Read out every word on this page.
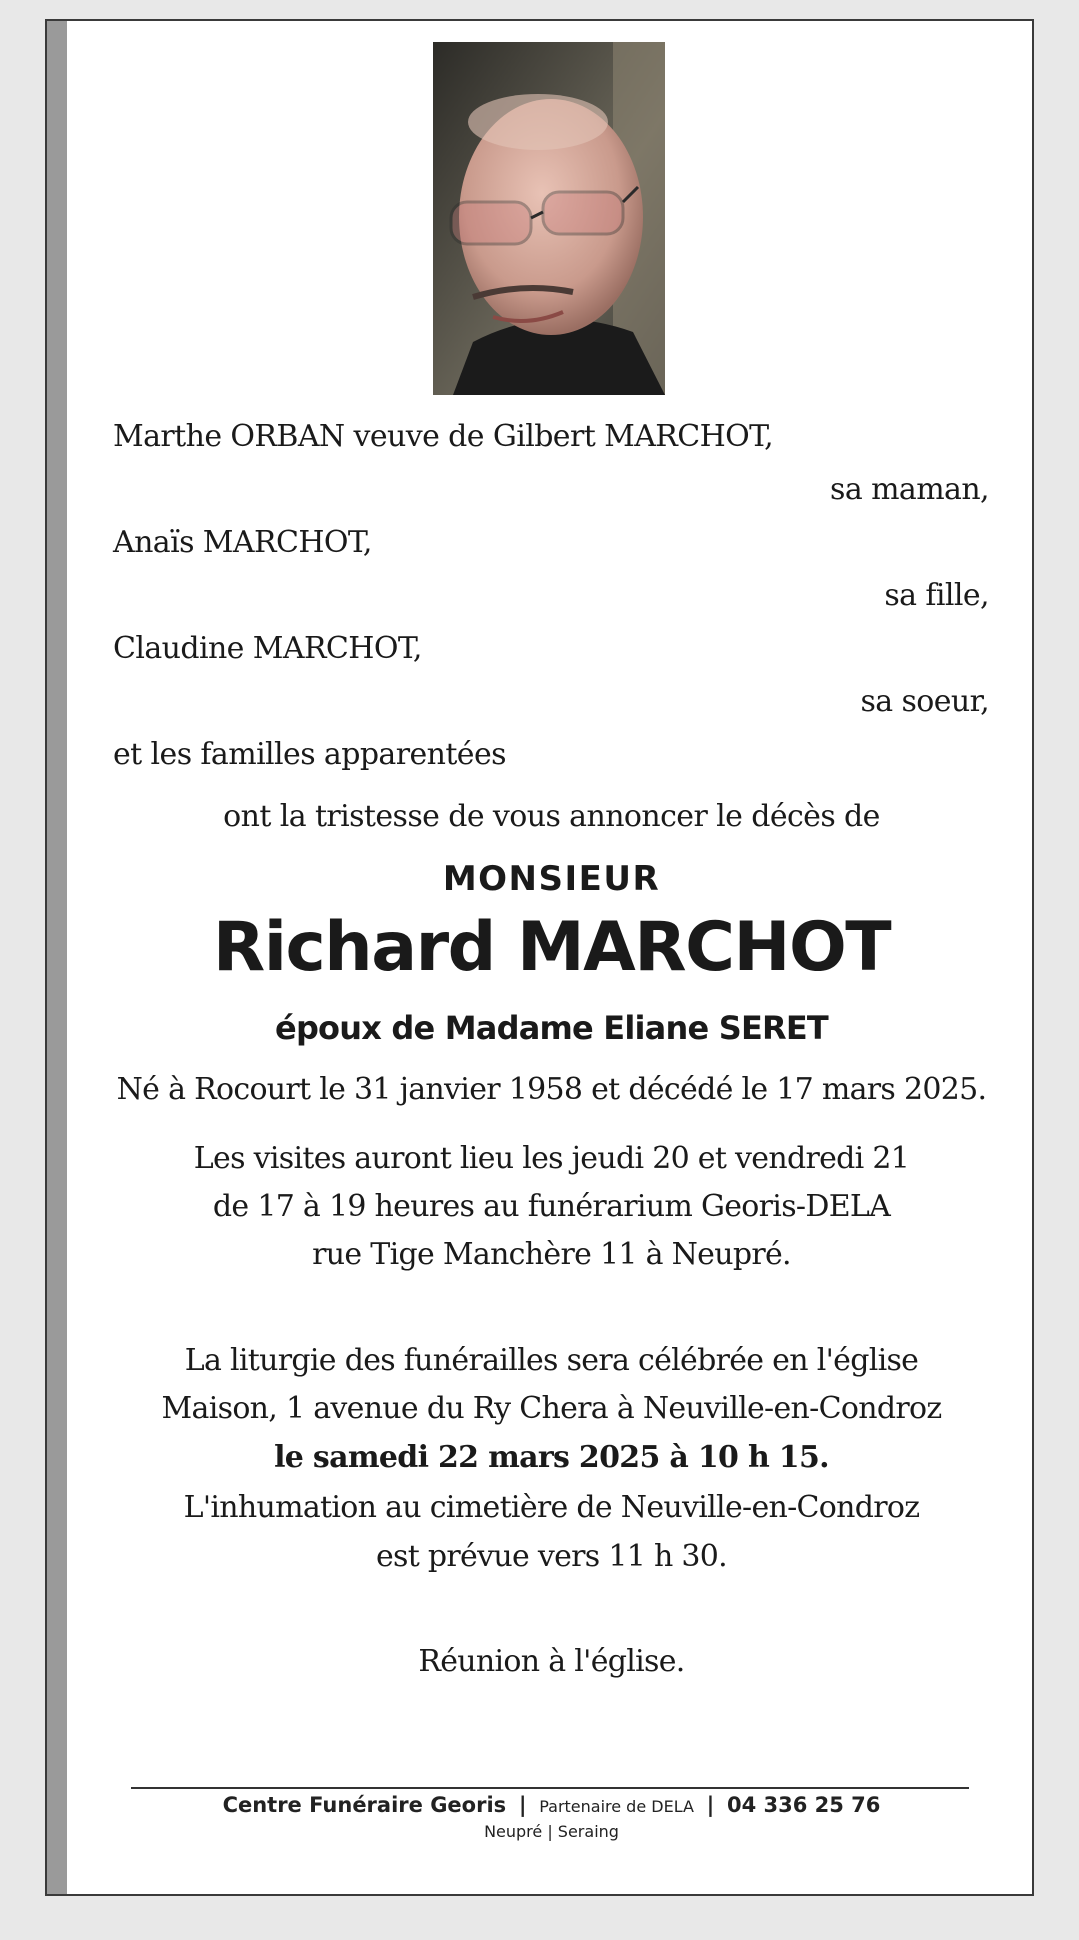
Marthe ORBAN veuve de Gilbert MARCHOT,
sa maman,
Anaïs MARCHOT,
sa fille,
Claudine MARCHOT,
sa soeur,
et les familles apparentées
ont la tristesse de vous annoncer le décès de
MONSIEUR
Richard MARCHOT
époux de Madame Eliane SERET
Né à Rocourt le 31 janvier 1958 et décédé le 17 mars 2025.
Les visites auront lieu les jeudi 20 et vendredi 21
de 17 à 19 heures au funérarium Georis-DELA
rue Tige Manchère 11 à Neupré.
La liturgie des funérailles sera célébrée en l'église
Maison, 1 avenue du Ry Chera à Neuville-en-Condroz
le samedi 22 mars 2025 à 10 h 15.
L'inhumation au cimetière de Neuville-en-Condroz
est prévue vers 11 h 30.
Réunion à l'église.
Centre Funéraire Georis | Partenaire de DELA | 04 336 25 76
Neupré | Seraing
